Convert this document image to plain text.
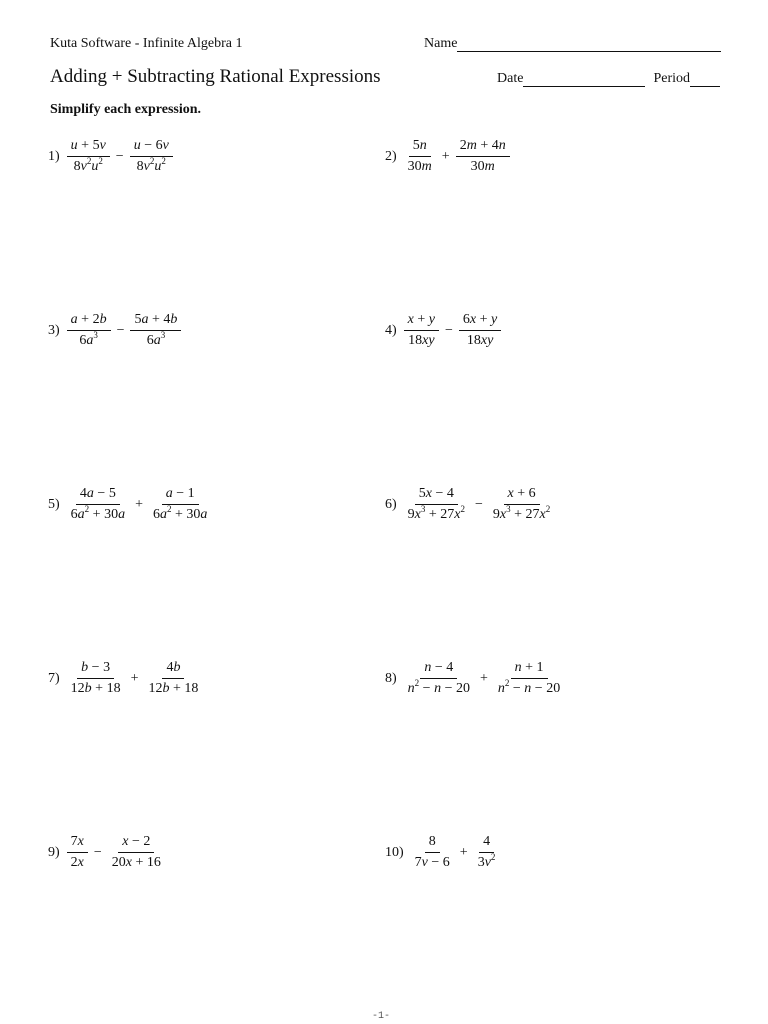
Kuta Software - Infinite Algebra 1	Name
Adding + Subtracting Rational Expressions	Date	Period
Simplify each expression.
$1) \frac{u + 5v}{8v^2u^2} - \frac{u - 6v}{8v^2u^2}$	$2) \frac{5n}{30m} + \frac{2m + 4n}{30m}$
$3) \frac{a + 2b}{6a^3} - \frac{5a + 4b}{6a^3}$	$4) \frac{x + y}{18xy} - \frac{6x + y}{18xy}$
$5) \frac{4a - 5}{6a^2 + 30a} + \frac{a - 1}{6a^2 + 30a}$	$6) \frac{5x - 4}{9x^3 + 27x^2} - \frac{x + 6}{9x^3 + 27x^2}$
$7) \frac{b - 3}{12b + 18} + \frac{4b}{12b + 18}$	$8) \frac{n - 4}{n^2 - n - 20} + \frac{n + 1}{n^2 - n - 20}$
$9) \frac{7x}{2x} - \frac{x - 2}{20x + 16}$	$10) \frac{8}{7v - 6} + \frac{4}{3v^2}$
-1-
